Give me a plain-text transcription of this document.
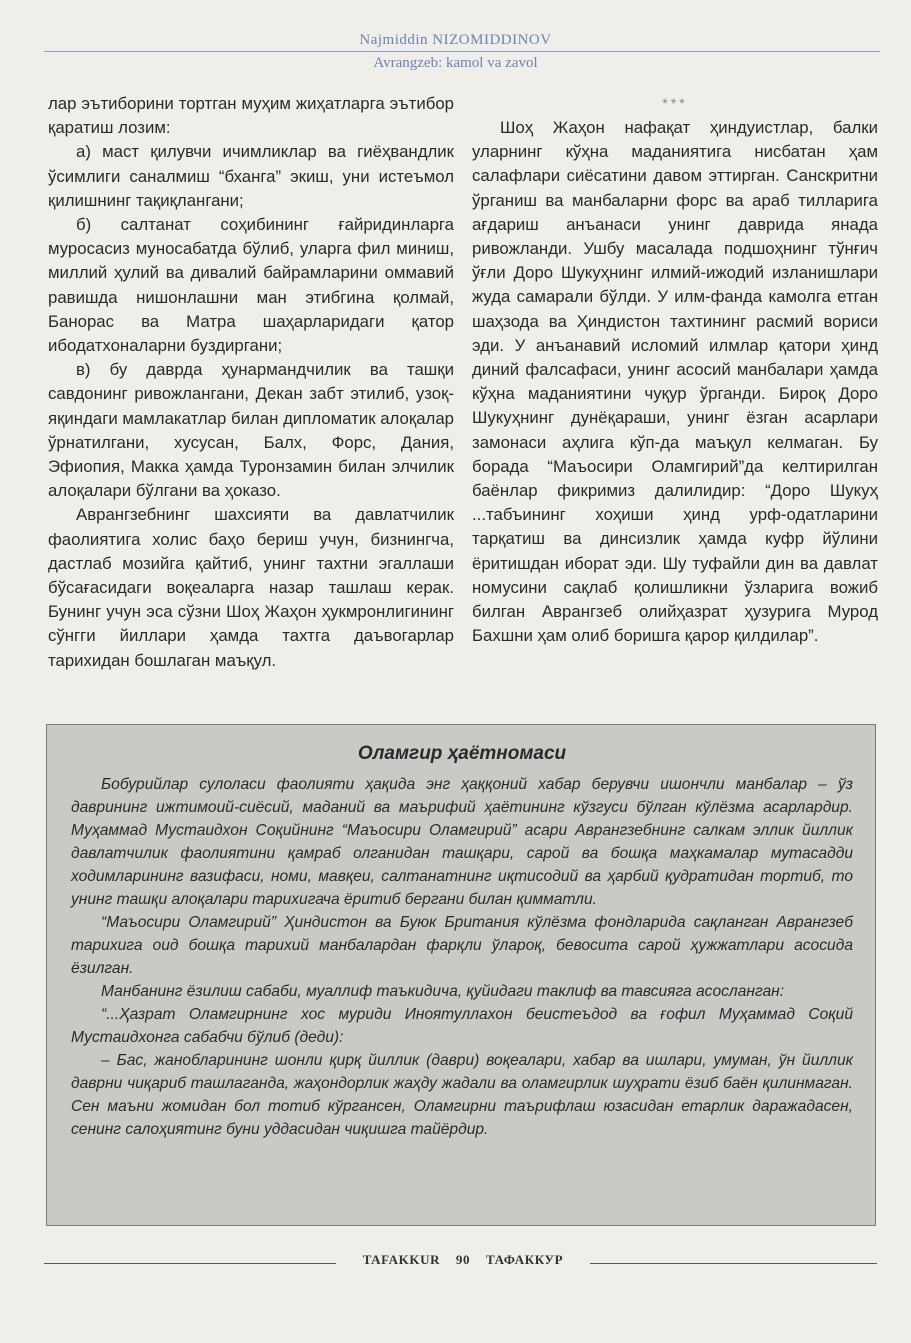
Najmiddin NIZOMIDDINOV
Avrangzeb: kamol va zavol

лар эътиборини тортган муҳим жиҳатларга эътибор қаратиш лозим:

а) маст қилувчи ичимликлар ва гиёҳвандлик ўсимлиги саналмиш “бханга” экиш, уни истеъмол қилишнинг тақиқлангани;

б) салтанат соҳибининг ғайридинларга муросасиз муносабатда бўлиб, уларга фил миниш, миллий ҳулий ва дивалий байрамларини оммавий равишда нишонлашни ман этибгина қолмай, Банорас ва Матра шаҳарларидаги қатор ибодатхоналарни буздиргани;

в) бу даврда ҳунармандчилик ва ташқи савдонинг ривожлангани, Декан забт этилиб, узоқ-яқиндаги мамлакатлар билан дипломатик алоқалар ўрнатилгани, хусусан, Балх, Форс, Дания, Эфиопия, Макка ҳамда Туронзамин билан элчилик алоқалари бўлгани ва ҳоказо.

Аврангзебнинг шахсияти ва давлатчилик фаолиятига холис баҳо бериш учун, бизнингча, дастлаб мозийга қайтиб, унинг тахтни эгаллаши бўсағасидаги воқеаларга назар ташлаш керак. Бунинг учун эса сўзни Шоҳ Жаҳон ҳукмронлигининг сўнгги йиллари ҳамда тахтга даъвогарлар тарихидан бошлаган маъқул.

***

Шоҳ Жаҳон нафақат ҳиндуистлар, балки уларнинг кўҳна маданиятига нисбатан ҳам салафлари сиёсатини давом эттирган. Санскритни ўрганиш ва манбаларни форс ва араб тилларига ағдариш анъанаси унинг даврида янада ривожланди. Ушбу масалада подшоҳнинг тўнғич ўғли Доро Шукуҳнинг илмий-ижодий изланишлари жуда самарали бўлди. У илм-фанда камолга етган шаҳзода ва Ҳиндистон тахтининг расмий вориси эди. У анъанавий исломий илмлар қатори ҳинд диний фалсафаси, унинг асосий манбалари ҳамда кўҳна маданиятини чуқур ўрганди. Бироқ Доро Шукуҳнинг дунёқараши, унинг ёзган асарлари замонаси аҳлига кўп-да маъқул келмаган. Бу борада “Маъосири Оламгирий”да келтирилган баёнлар фикримиз далилидир: “Доро Шукуҳ ...табъининг хоҳиши ҳинд урф-одатларини тарқатиш ва динсизлик ҳамда куфр йўлини ёритишдан иборат эди. Шу туфайли дин ва давлат номусини сақлаб қолишликни ўзларига вожиб билган Аврангзеб олийҳазрат ҳузурига Мурод Бахшни ҳам олиб боришга қарор қилдилар”.

Оламгир ҳаётномаси

Бобурийлар сулоласи фаолияти ҳақида энг ҳаққоний хабар берувчи ишончли манбалар – ўз даврининг ижтимоий-сиёсий, маданий ва маърифий ҳаётининг кўзгуси бўлган кўлёзма асарлардир. Муҳаммад Мустаидхон Соқийнинг “Маъосири Оламгирий” асари Аврангзебнинг салкам эллик йиллик давлатчилик фаолиятини қамраб олганидан ташқари, сарой ва бошқа маҳкамалар мутасадди ходимларининг вазифаси, номи, мавқеи, салтанатнинг иқтисодий ва ҳарбий қудратидан тортиб, то унинг ташқи алоқалари тарихигача ёритиб бергани билан қимматли.

“Маъосири Оламгирий” Ҳиндистон ва Буюк Британия кўлёзма фондларида сақланган Аврангзеб тарихига оид бошқа тарихий манбалардан фарқли ўлароқ, бевосита сарой ҳужжатлари асосида ёзилган.

Манбанинг ёзилиш сабаби, муаллиф таъкидича, қуйидаги таклиф ва тавсияга асосланган:

“...Ҳазрат Оламгирнинг хос муриди Иноятуллахон беистеъдод ва ғофил Муҳаммад Соқий Мустаидхонга сабабчи бўлиб (деди):

– Бас, жанобларининг шонли қирқ йиллик (даври) воқеалари, хабар ва ишлари, умуман, ўн йиллик даврни чиқариб ташлаганда, жаҳондорлик жаҳду жадали ва оламгирлик шуҳрати ёзиб баён қилинмаган. Сен маъни жомидан бол тотиб кўргансен, Оламгирни таърифлаш юзасидан етарлик даражадасен, сенинг салоҳиятинг буни уддасидан чиқишга тайёрдир.

TAFAKKUR 90 ТАФАККУР
